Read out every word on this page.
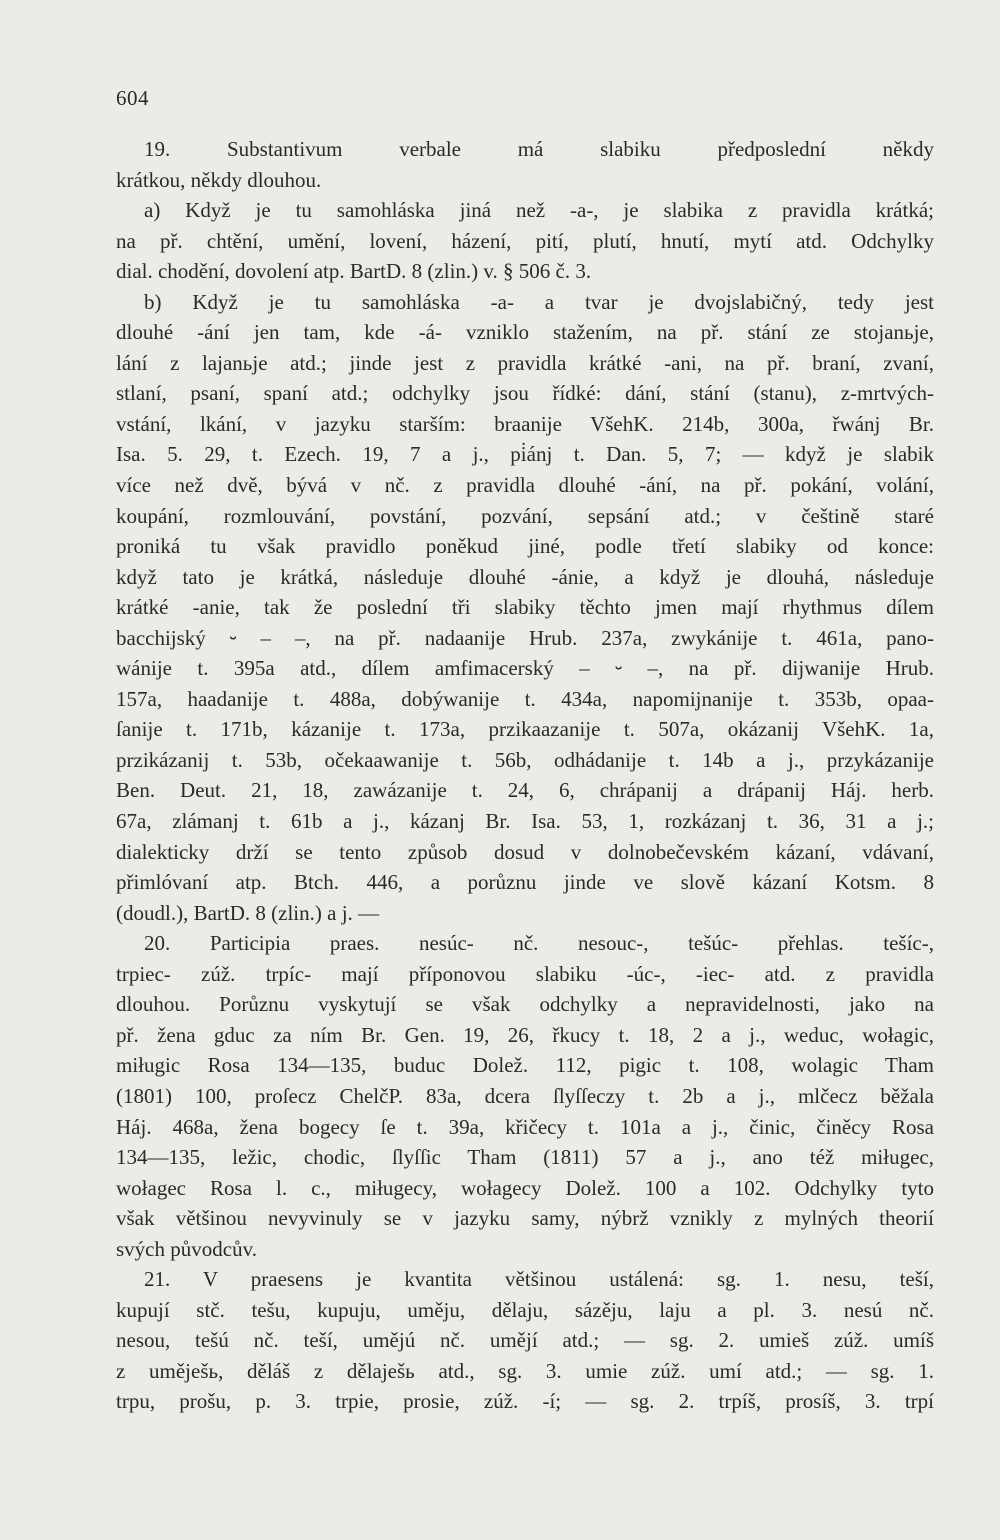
604
19. Substantivum verbale má slabiku předposlední někdy
krátkou, někdy dlouhou.
a) Když je tu samohláska jiná než -a-, je slabika z pravidla krátká;
na př. chtění, umění, lovení, házení, pití, plutí, hnutí, mytí atd. Odchylky
dial. chodění, dovolení atp. BartD. 8 (zlin.) v. § 506 č. 3.
b) Když je tu samohláska -a- a tvar je dvojslabičný, tedy jest
dlouhé -ání jen tam, kde -á- vzniklo stažením, na př. stání ze stojanьje,
lání z lajanьje atd.; jinde jest z pravidla krátké -ani, na př. braní, zvaní,
stlaní, psaní, spaní atd.; odchylky jsou řídké: dání, stání (stanu), z-mrtvých-
vstání, lkání, v jazyku starším: braanije VšehK. 214b, 300a, řwánj Br.
Isa. 5. 29, t. Ezech. 19, 7 a j., pi̇ánj t. Dan. 5, 7; — když je slabik
více než dvě, bývá v nč. z pravidla dlouhé -ání, na př. pokání, volání,
koupání, rozmlouvání, povstání, pozvání, sepsání atd.; v češtině staré
proniká tu však pravidlo poněkud jiné, podle třetí slabiky od konce:
když tato je krátká, následuje dlouhé -ánie, a když je dlouhá, následuje
krátké -anie, tak že poslední tři slabiky těchto jmen mají rhythmus dílem
bacchijský ⏑ – –, na př. nadaanije Hrub. 237a, zwykánije t. 461a, pano-
wánije t. 395a atd., dílem amfimacerský – ⏑ –, na př. dijwanije Hrub.
157a, haadanije t. 488a, dobýwanije t. 434a, napomijnanije t. 353b, opaa-
ſanije t. 171b, kázanije t. 173a, przikaazanije t. 507a, okázanij VšehK. 1a,
przikázanij t. 53b, očekaawanije t. 56b, odhádanije t. 14b a j., przykázanije
Ben. Deut. 21, 18, zawázanije t. 24, 6, chrápanij a drápanij Háj. herb.
67a, zlámanj t. 61b a j., kázanj Br. Isa. 53, 1, rozkázanj t. 36, 31 a j.;
dialekticky drží se tento způsob dosud v dolnobečevském kázaní, vdávaní,
přimlóvaní atp. Btch. 446, a porůznu jinde ve slově kázaní Kotsm. 8
(doudl.), BartD. 8 (zlin.) a j. —
20. Participia praes. nesúc- nč. nesouc-, tešúc- přehlas. tešíc-,
trpiec- zúž. trpíc- mají příponovou slabiku -úc-, -iec- atd. z pravidla
dlouhou. Porůznu vyskytují se však odchylky a nepravidelnosti, jako na
př. žena gduc za ním Br. Gen. 19, 26, řkucy t. 18, 2 a j., weduc, wołagic,
miługic Rosa 134—135, buduc Dolež. 112, pigic t. 108, wolagic Tham
(1801) 100, proſecz ChelčP. 83a, dcera ſlyſſeczy t. 2b a j., mlčecz běžala
Háj. 468a, žena bogecy ſe t. 39a, křičecy t. 101a a j., činic, činěcy Rosa
134—135, ležic, chodic, ſlyſſic Tham (1811) 57 a j., ano též miługec,
wołagec Rosa l. c., miługecy, wołagecy Dolež. 100 a 102. Odchylky tyto
však většinou nevyvinuly se v jazyku samy, nýbrž vznikly z mylných theorií
svých původcův.
21. V praesens je kvantita většinou ustálená: sg. 1. nesu, teší,
kupují stč. tešu, kupuju, uměju, dělaju, sázěju, laju a pl. 3. nesú nč.
nesou, tešú nč. teší, umějú nč. umějí atd.; — sg. 2. umieš zúž. umíš
z uměješь, děláš z dělaješь atd., sg. 3. umie zúž. umí atd.; — sg. 1.
trpu, prošu, p. 3. trpie, prosie, zúž. -í; — sg. 2. trpíš, prosíš, 3. trpí
